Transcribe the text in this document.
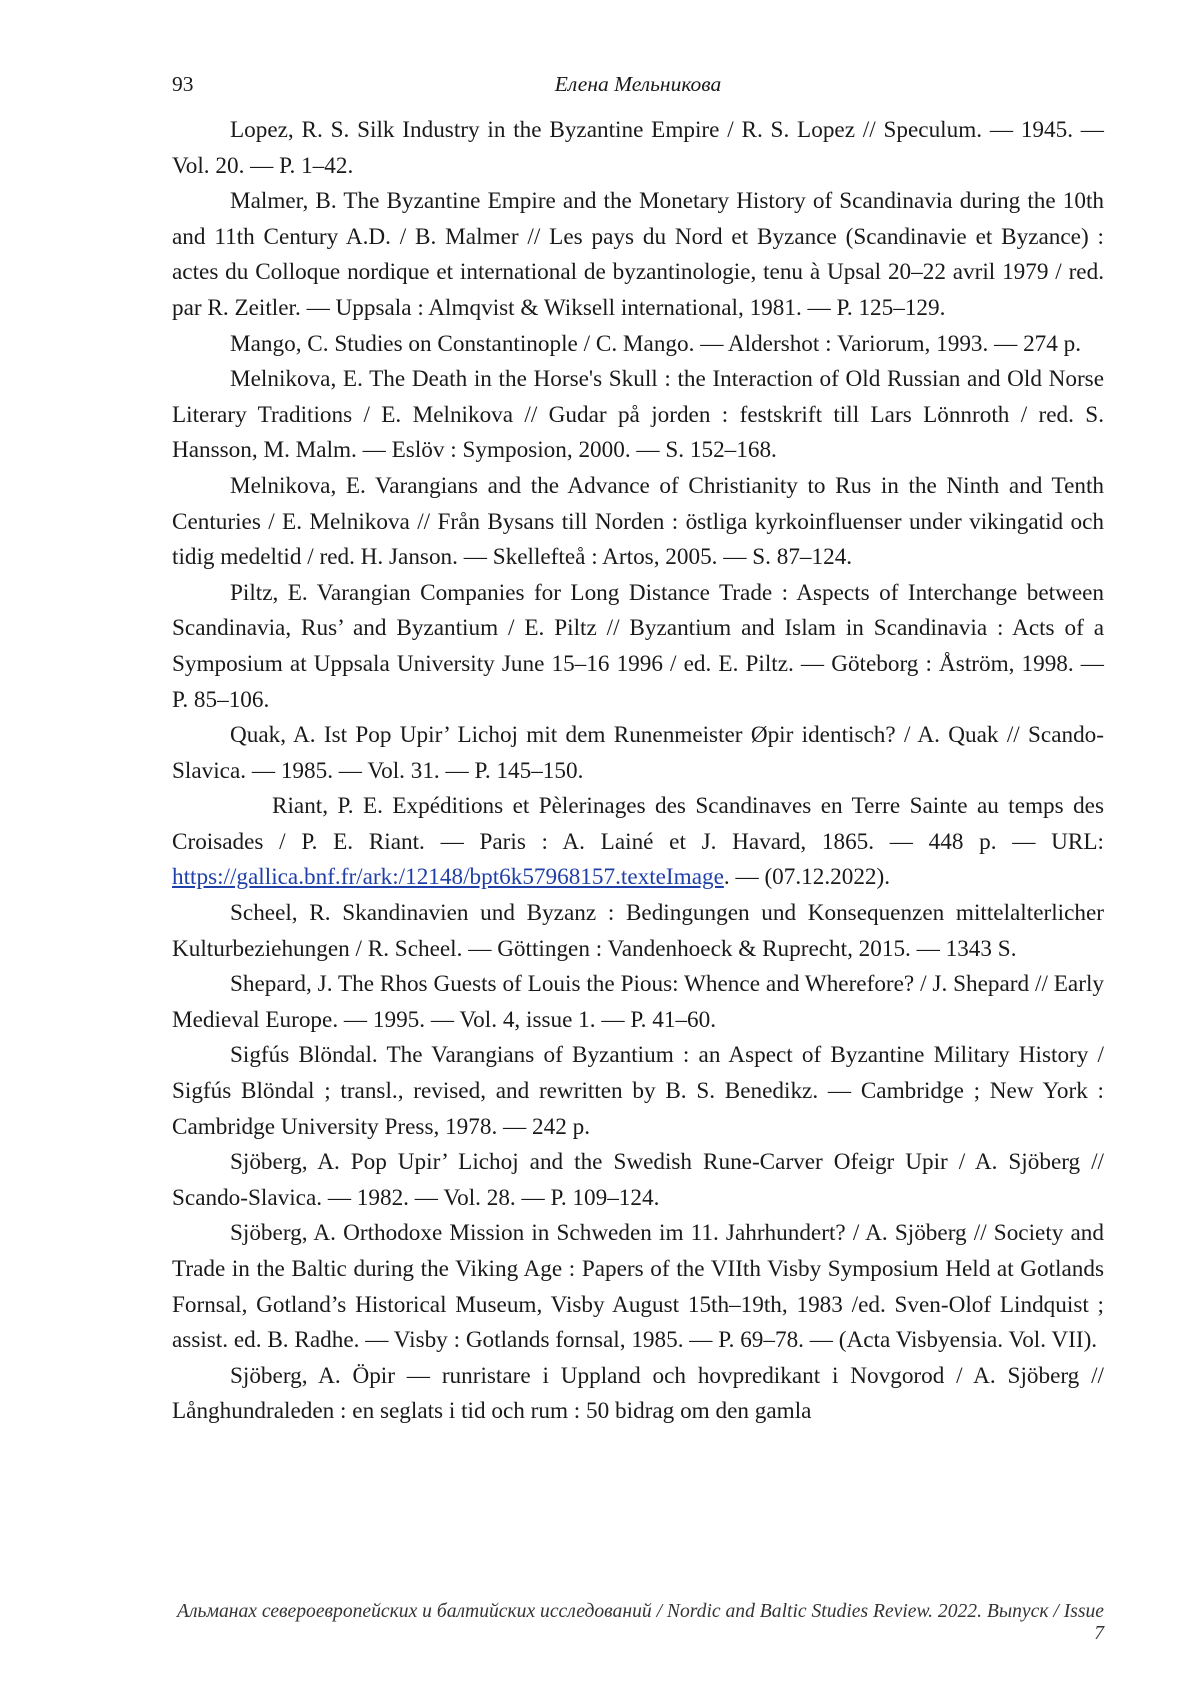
93	Елена Мельникова

Lopez, R. S. Silk Industry in the Byzantine Empire / R. S. Lopez // Speculum. — 1945. — Vol. 20. — P. 1–42.

Malmer, B. The Byzantine Empire and the Monetary History of Scandinavia during the 10th and 11th Century A.D. / B. Malmer // Les pays du Nord et Byzance (Scandinavie et Byzance) : actes du Colloque nordique et international de byzantinologie, tenu à Upsal 20–22 avril 1979 / red. par R. Zeitler. — Uppsala : Almqvist & Wiksell international, 1981. — P. 125–129.

Mango, C. Studies on Constantinople / C. Mango. — Aldershot : Variorum, 1993. — 274 p.

Melnikova, E. The Death in the Horse's Skull : the Interaction of Old Russian and Old Norse Literary Traditions / E. Melnikova // Gudar på jorden : festskrift till Lars Lönnroth / red. S. Hansson, M. Malm. — Eslöv : Symposion, 2000. — S. 152–168.

Melnikova, E. Varangians and the Advance of Christianity to Rus in the Ninth and Tenth Centuries / E. Melnikova // Från Bysans till Norden : östliga kyrkoinfluenser under vikingatid och tidig medeltid / red. H. Janson. — Skellefteå : Artos, 2005. — S. 87–124.

Piltz, E. Varangian Companies for Long Distance Trade : Aspects of Interchange between Scandinavia, Rus’ and Byzantium / E. Piltz // Byzantium and Islam in Scandinavia : Acts of a Symposium at Uppsala University June 15–16 1996 / ed. E. Piltz. — Göteborg : Åström, 1998. — P. 85–106.

Quak, A. Ist Pop Upir’ Lichoj mit dem Runenmeister Øpir identisch? / A. Quak // Scando-Slavica. — 1985. — Vol. 31. — P. 145–150.

Riant, P. E. Expéditions et Pèlerinages des Scandinaves en Terre Sainte au temps des Croisades / P. E. Riant. — Paris : A. Lainé et J. Havard, 1865. — 448 p. — URL: https://gallica.bnf.fr/ark:/12148/bpt6k57968157.texteImage. — (07.12.2022).

Scheel, R. Skandinavien und Byzanz : Bedingungen und Konsequenzen mittelalterlicher Kulturbeziehungen / R. Scheel. — Göttingen : Vandenhoeck & Ruprecht, 2015. — 1343 S.

Shepard, J. The Rhos Guests of Louis the Pious: Whence and Wherefore? / J. Shepard // Early Medieval Europe. — 1995. — Vol. 4, issue 1. — P. 41–60.

Sigfús Blöndal. The Varangians of Byzantium : an Aspect of Byzantine Military History / Sigfús Blöndal ; transl., revised, and rewritten by B. S. Benedikz. — Cambridge ; New York : Cambridge University Press, 1978. — 242 p.

Sjöberg, A. Pop Upir’ Lichoj and the Swedish Rune-Carver Ofeigr Upir / A. Sjöberg // Scando-Slavica. — 1982. — Vol. 28. — P. 109–124.

Sjöberg, A. Orthodoxe Mission in Schweden im 11. Jahrhundert? / A. Sjöberg // Society and Trade in the Baltic during the Viking Age : Papers of the VIIth Visby Symposium Held at Gotlands Fornsal, Gotland’s Historical Museum, Visby August 15th–19th, 1983 /ed. Sven-Olof Lindquist ; assist. ed. B. Radhe. — Visby : Gotlands fornsal, 1985. — P. 69–78. — (Acta Visbyensia. Vol. VII).

Sjöberg, A. Öpir — runristare i Uppland och hovpredikant i Novgorod / A. Sjöberg // Långhundraleden : en seglats i tid och rum : 50 bidrag om den gamla

Альманах североевропейских и балтийских исследований / Nordic and Baltic Studies Review. 2022. Выпуск / Issue 7
